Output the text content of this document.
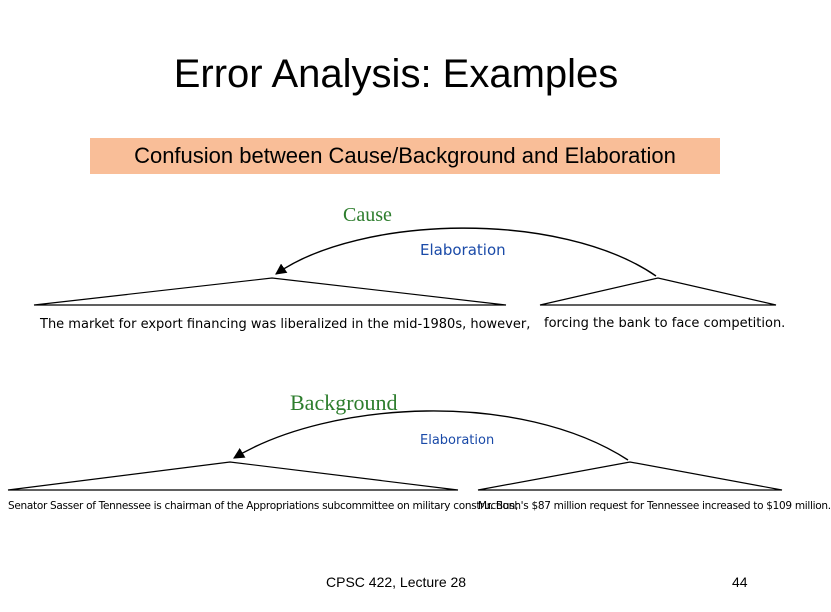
Error Analysis: Examples
Confusion between Cause/Background and Elaboration
Cause
Elaboration
The market for export financing was liberalized in the mid-1980s, however, forcing the bank to face competition.
Background
Elaboration
Senator Sasser of Tennessee is chairman of the Appropriations subcommittee on military construction;
Mr. Bush's $87 million request for Tennessee increased to $109 million.
CPSC 422, Lecture 28	44
